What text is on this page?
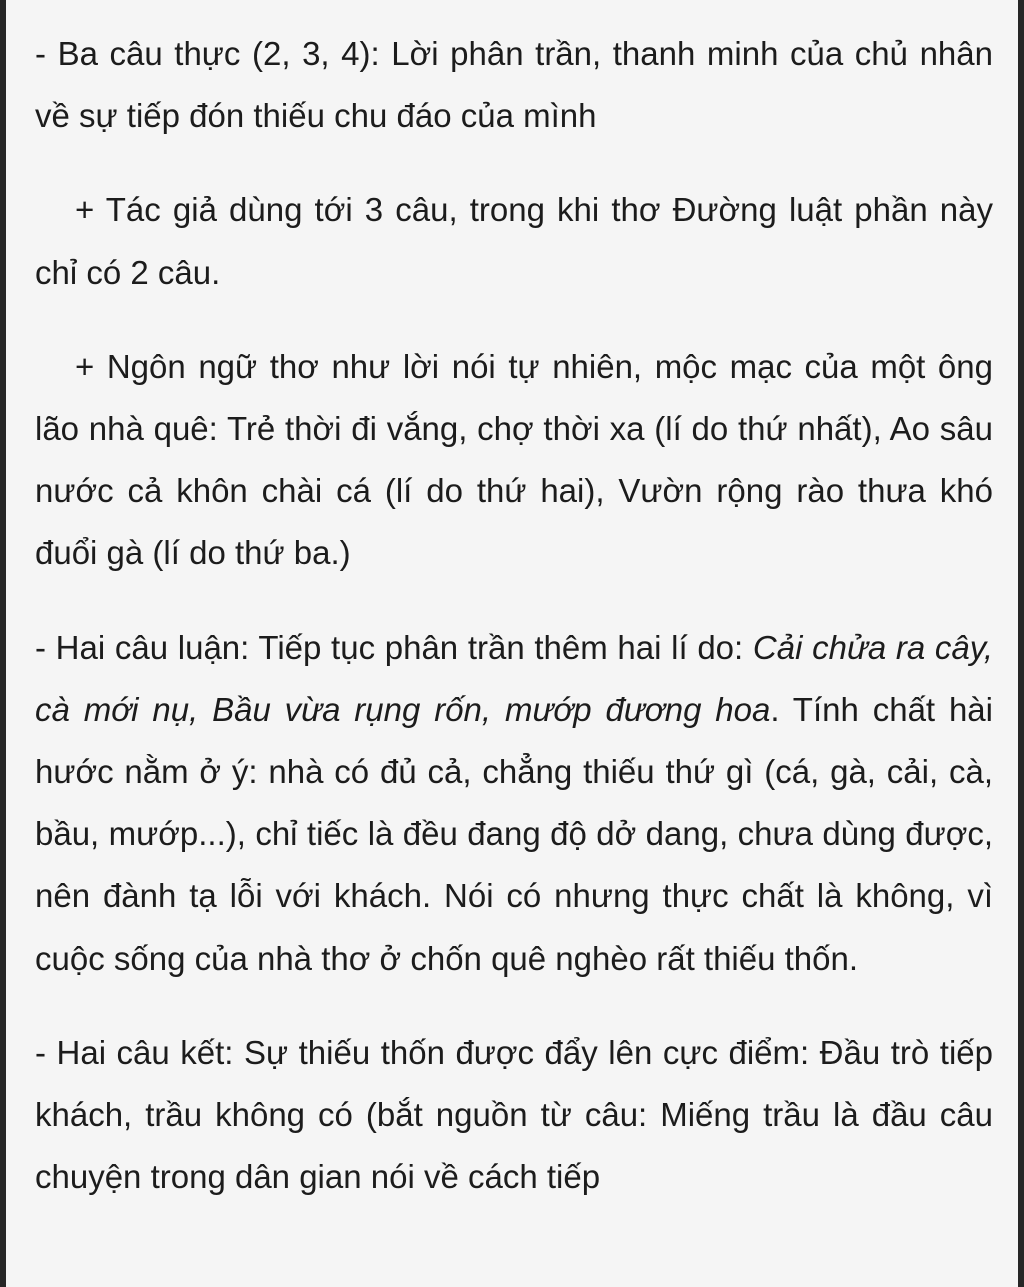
- Ba câu thực (2, 3, 4): Lời phân trần, thanh minh của chủ nhân về sự tiếp đón thiếu chu đáo của mình

+ Tác giả dùng tới 3 câu, trong khi thơ Đường luật phần này chỉ có 2 câu.

+ Ngôn ngữ thơ như lời nói tự nhiên, mộc mạc của một ông lão nhà quê: Trẻ thời đi vắng, chợ thời xa (lí do thứ nhất), Ao sâu nước cả khôn chài cá (lí do thứ hai), Vườn rộng rào thưa khó đuổi gà (lí do thứ ba.)

- Hai câu luận: Tiếp tục phân trần thêm hai lí do: Cải chửa ra cây, cà mới nụ, Bầu vừa rụng rốn, mướp đương hoa. Tính chất hài hước nằm ở ý: nhà có đủ cả, chẳng thiếu thứ gì (cá, gà, cải, cà, bầu, mướp...), chỉ tiếc là đều đang độ dở dang, chưa dùng được, nên đành tạ lỗi với khách. Nói có nhưng thực chất là không, vì cuộc sống của nhà thơ ở chốn quê nghèo rất thiếu thốn.

- Hai câu kết: Sự thiếu thốn được đẩy lên cực điểm: Đầu trò tiếp khách, trầu không có (bắt nguồn từ câu: Miếng trầu là đầu câu chuyện trong dân gian nói về cách tiếp
